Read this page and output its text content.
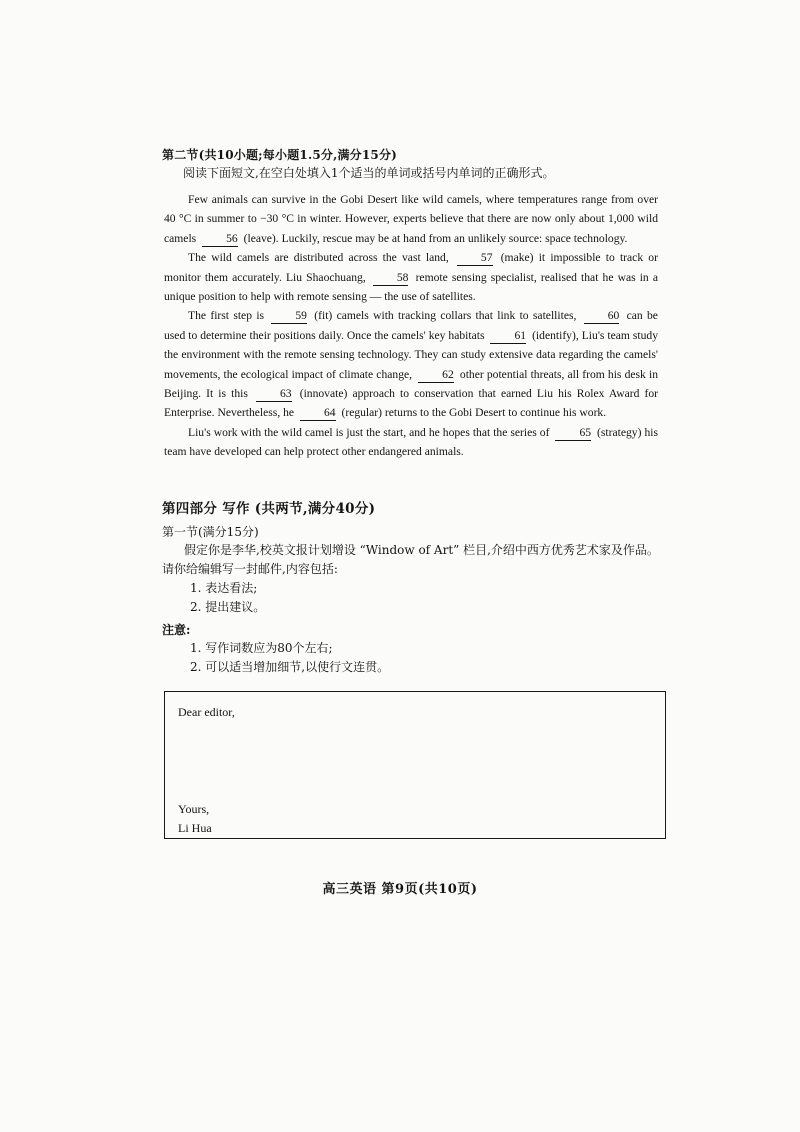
第二节(共10小题;每小题1.5分,满分15分)
阅读下面短文,在空白处填入1个适当的单词或括号内单词的正确形式。

Few animals can survive in the Gobi Desert like wild camels, where temperatures range from over 40 °C in summer to −30 °C in winter. However, experts believe that there are now only about 1,000 wild camels	56 (leave). Luckily, rescue may be at hand from an unlikely source: space technology.

The wild camels are distributed across the vast land,	57 (make) it impossible to track or monitor them accurately. Liu Shaochuang,	58 remote sensing specialist, realised that he was in a unique position to help with remote sensing — the use of satellites.

The first step is	59 (fit) camels with tracking collars that link to satellites,	60 can be used to determine their positions daily. Once the camels' key habitats	61 (identify), Liu's team study the environment with the remote sensing technology. They can study extensive data regarding the camels' movements, the ecological impact of climate change,	62 other potential threats, all from his desk in Beijing. It is this	63 (innovate) approach to conservation that earned Liu his Rolex Award for Enterprise. Nevertheless, he	64 (regular) returns to the Gobi Desert to continue his work.

Liu's work with the wild camel is just the start, and he hopes that the series of	65 (strategy) his team have developed can help protect other endangered animals.

第四部分 写作 (共两节,满分40分)
第一节(满分15分)
假定你是李华,校英文报计划增设 “Window of Art” 栏目,介绍中西方优秀艺术家及作品。
请你给编辑写一封邮件,内容包括:
1. 表达看法;
2. 提出建议。
注意:
1. 写作词数应为80个左右;
2. 可以适当增加细节,以使行文连贯。
Dear editor,
Yours,
Li Hua
高三英语 第9页(共10页)
